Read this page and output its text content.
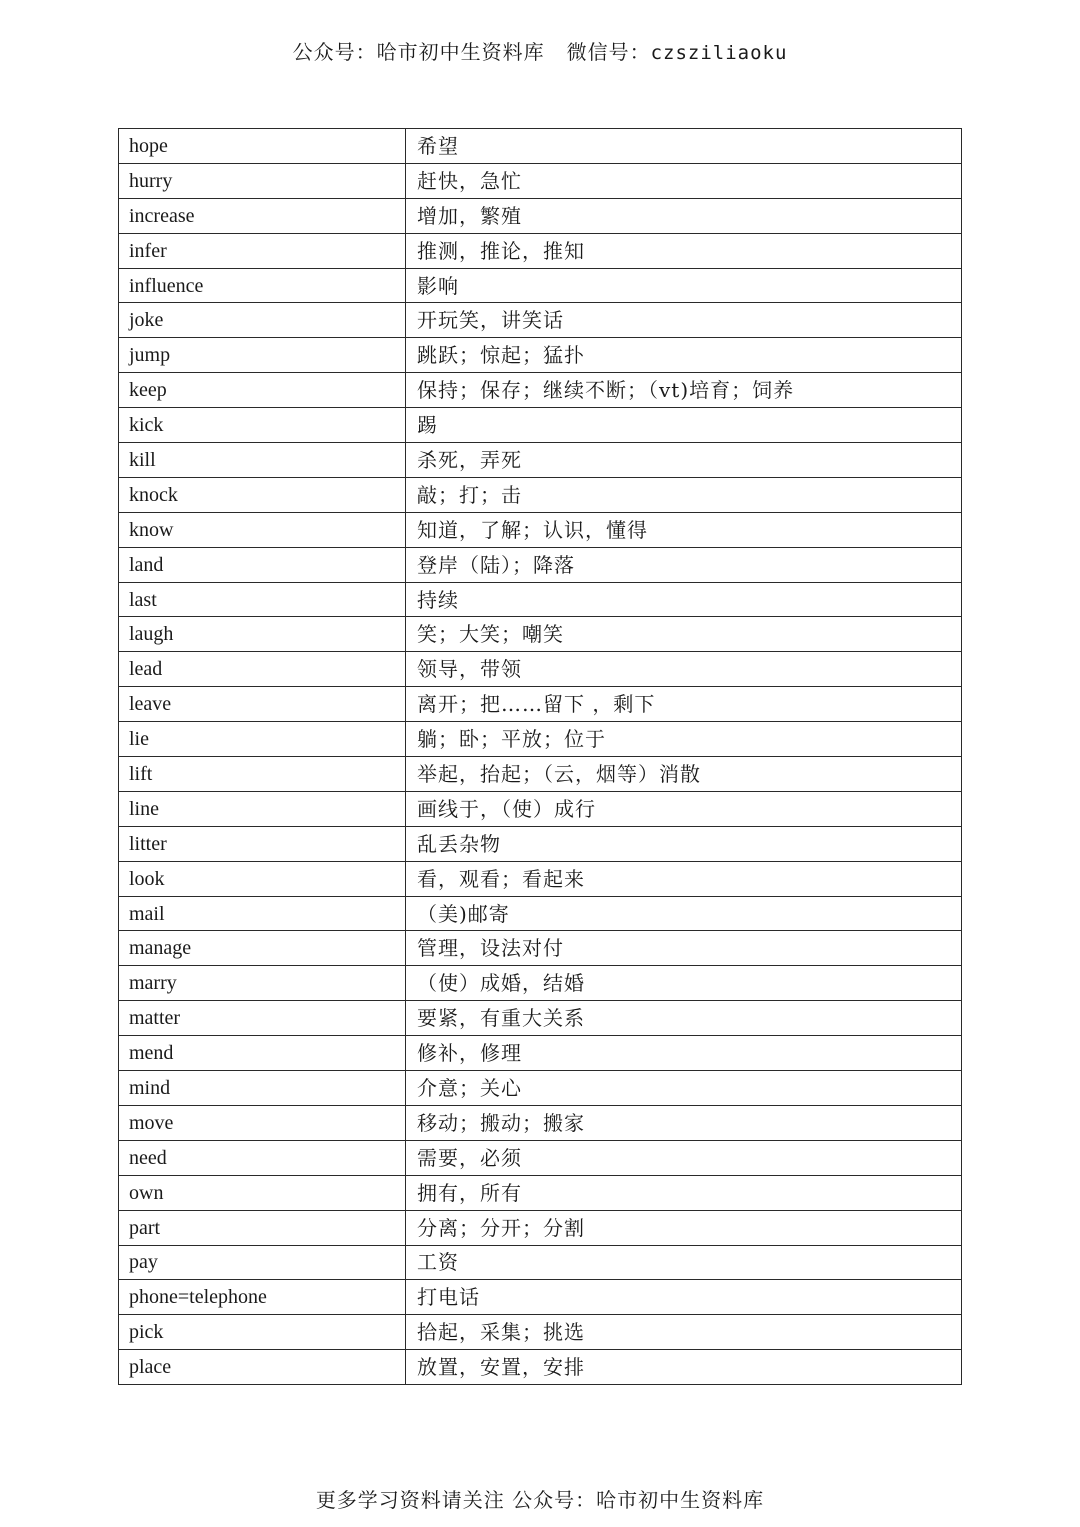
公众号：哈市初中生资料库 微信号：czsziliaoku
hope	希望
hurry	赶快，急忙
increase	增加，繁殖
infer	推测，推论，推知
influence	影响
joke	开玩笑，讲笑话
jump	跳跃；惊起；猛扑
keep	保持；保存；继续不断；（vt)培育；饲养
kick	踢
kill	杀死，弄死
knock	敲；打；击
know	知道，了解；认识，懂得
land	登岸（陆）；降落
last	持续
laugh	笑；大笑；嘲笑
lead	领导，带领
leave	离开；把……留下 ，剩下
lie	躺；卧；平放；位于
lift	举起，抬起；（云，烟等）消散
line	画线于，（使）成行
litter	乱丢杂物
look	看，观看；看起来
mail	（美)邮寄
manage	管理，设法对付
marry	（使）成婚，结婚
matter	要紧，有重大关系
mend	修补，修理
mind	介意；关心
move	移动；搬动；搬家
need	需要，必须
own	拥有，所有
part	分离；分开；分割
pay	工资
phone=telephone	打电话
pick	拾起，采集；挑选
place	放置，安置，安排
更多学习资料请关注 公众号：哈市初中生资料库
